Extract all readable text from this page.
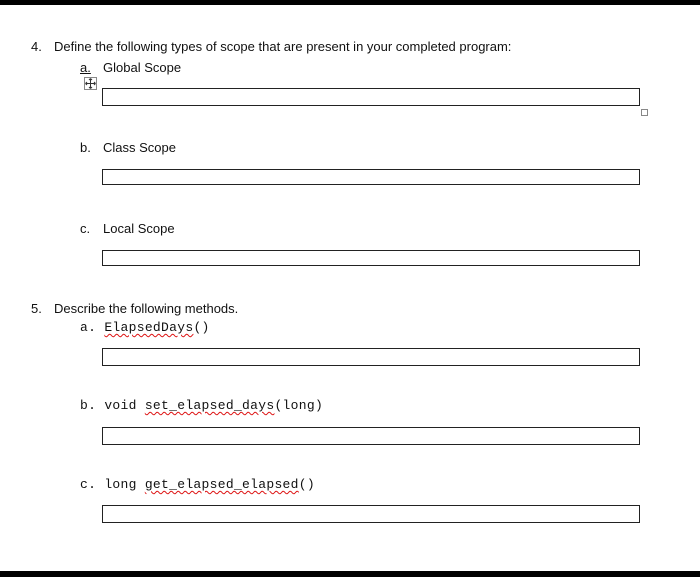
4. Define the following types of scope that are present in your completed program:
a. Global Scope
b. Class Scope
c. Local Scope
5. Describe the following methods.
a. ElapsedDays()
b. void set_elapsed_days(long)
c. long get_elapsed_elapsed()
